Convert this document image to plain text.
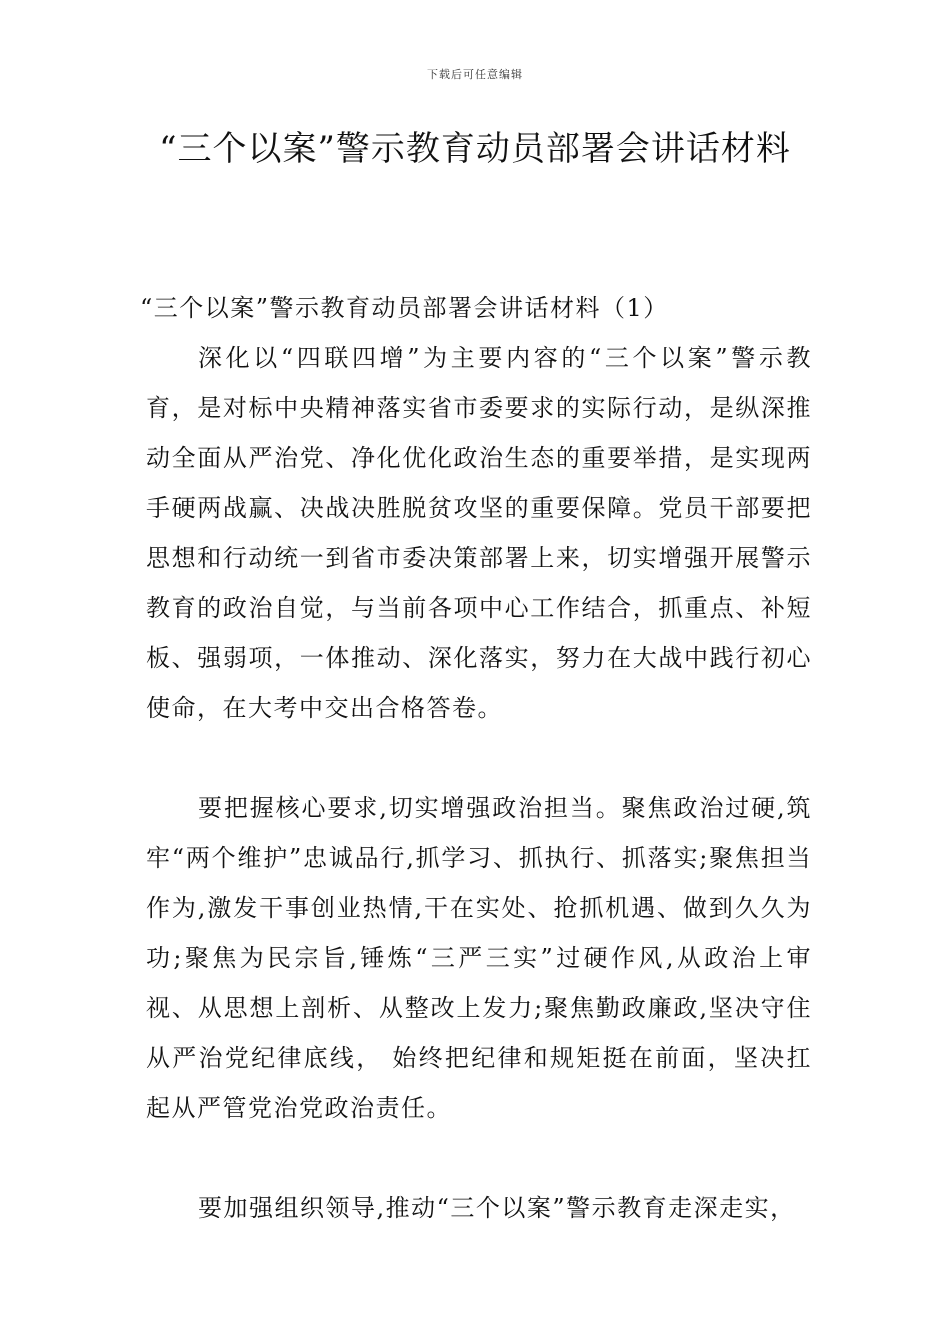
下载后可任意编辑
“三个以案”警示教育动员部署会讲话材料

“三个以案”警示教育动员部署会讲话材料（1）

深化以“四联四增”为主要内容的“三个以案”警示教育，是对标中央精神落实省市委要求的实际行动，是纵深推动全面从严治党、净化优化政治生态的重要举措，是实现两手硬两战赢、决战决胜脱贫攻坚的重要保障。党员干部要把思想和行动统一到省市委决策部署上来，切实增强开展警示教育的政治自觉，与当前各项中心工作结合，抓重点、补短板、强弱项，一体推动、深化落实，努力在大战中践行初心使命，在大考中交出合格答卷。

要把握核心要求,切实增强政治担当。聚焦政治过硬,筑牢“两个维护”忠诚品行,抓学习、抓执行、抓落实;聚焦担当作为,激发干事创业热情,干在实处、抢抓机遇、做到久久为功;聚焦为民宗旨,锤炼“三严三实”过硬作风,从政治上审视、从思想上剖析、从整改上发力;聚焦勤政廉政,坚决守住从严治党纪律底线， 始终把纪律和规矩挺在前面，坚决扛起从严管党治党政治责任。

要加强组织领导,推动“三个以案”警示教育走深走实，
